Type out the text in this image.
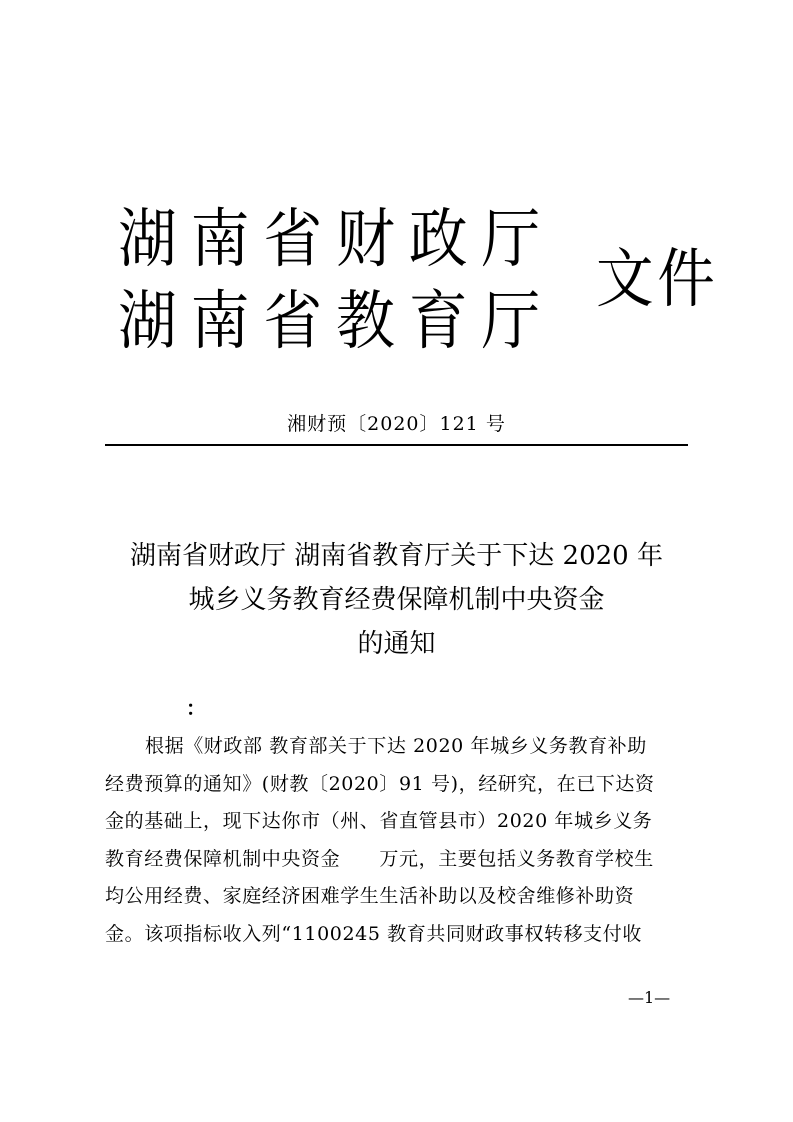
湖南省财政厅
湖南省教育厅
文件
湘财预〔2020〕121 号
湖南省财政厅 湖南省教育厅关于下达 2020 年
城乡义务教育经费保障机制中央资金
的通知
：
根据《财政部 教育部关于下达 2020 年城乡义务教育补助
经费预算的通知》(财教〔2020〕91 号)，经研究，在已下达资
金的基础上，现下达你市（州、省直管县市）2020 年城乡义务
教育经费保障机制中央资金　　万元，主要包括义务教育学校生
均公用经费、家庭经济困难学生生活补助以及校舍维修补助资
金。该项指标收入列“1100245 教育共同财政事权转移支付收
—1—
